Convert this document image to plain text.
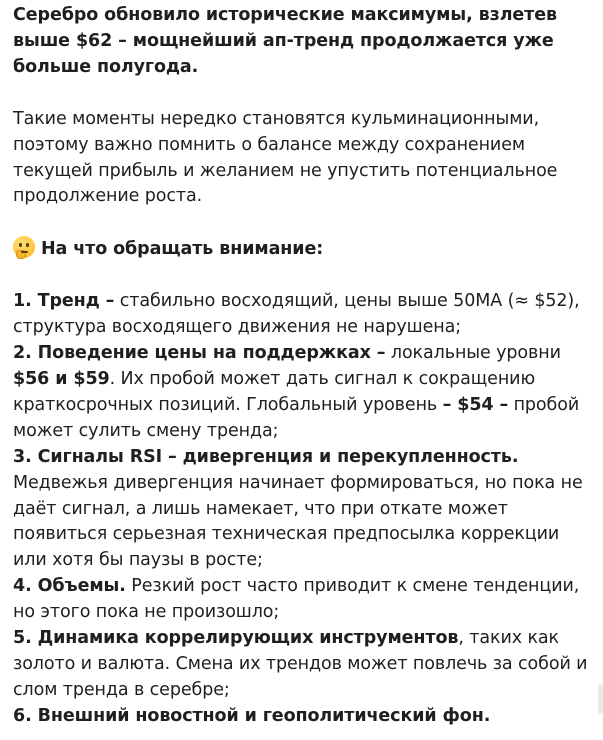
Серебро обновило исторические максимумы, взлетев выше $62 – мощнейший ап-тренд продолжается уже больше полугода.

Такие моменты нередко становятся кульминационными, поэтому важно помнить о балансе между сохранением текущей прибыль и желанием не упустить потенциальное продолжение роста.

На что обращать внимание:

1. Тренд – стабильно восходящий, цены выше 50МА (≈ $52), структура восходящего движения не нарушена;

2. Поведение цены на поддержках – локальные уровни $56 и $59. Их пробой может дать сигнал к сокращению краткосрочных позиций. Глобальный уровень – $54 – пробой может сулить смену тренда;

3. Сигналы RSI – дивергенция и перекупленность. Медвежья дивергенция начинает формироваться, но пока не даёт сигнал, а лишь намекает, что при откате может появиться серьезная техническая предпосылка коррекции или хотя бы паузы в росте;

4. Объемы. Резкий рост часто приводит к смене тенденции, но этого пока не произошло;

5. Динамика коррелирующих инструментов, таких как золото и валюта. Смена их трендов может повлечь за собой и слом тренда в серебре;

6. Внешний новостной и геополитический фон.
